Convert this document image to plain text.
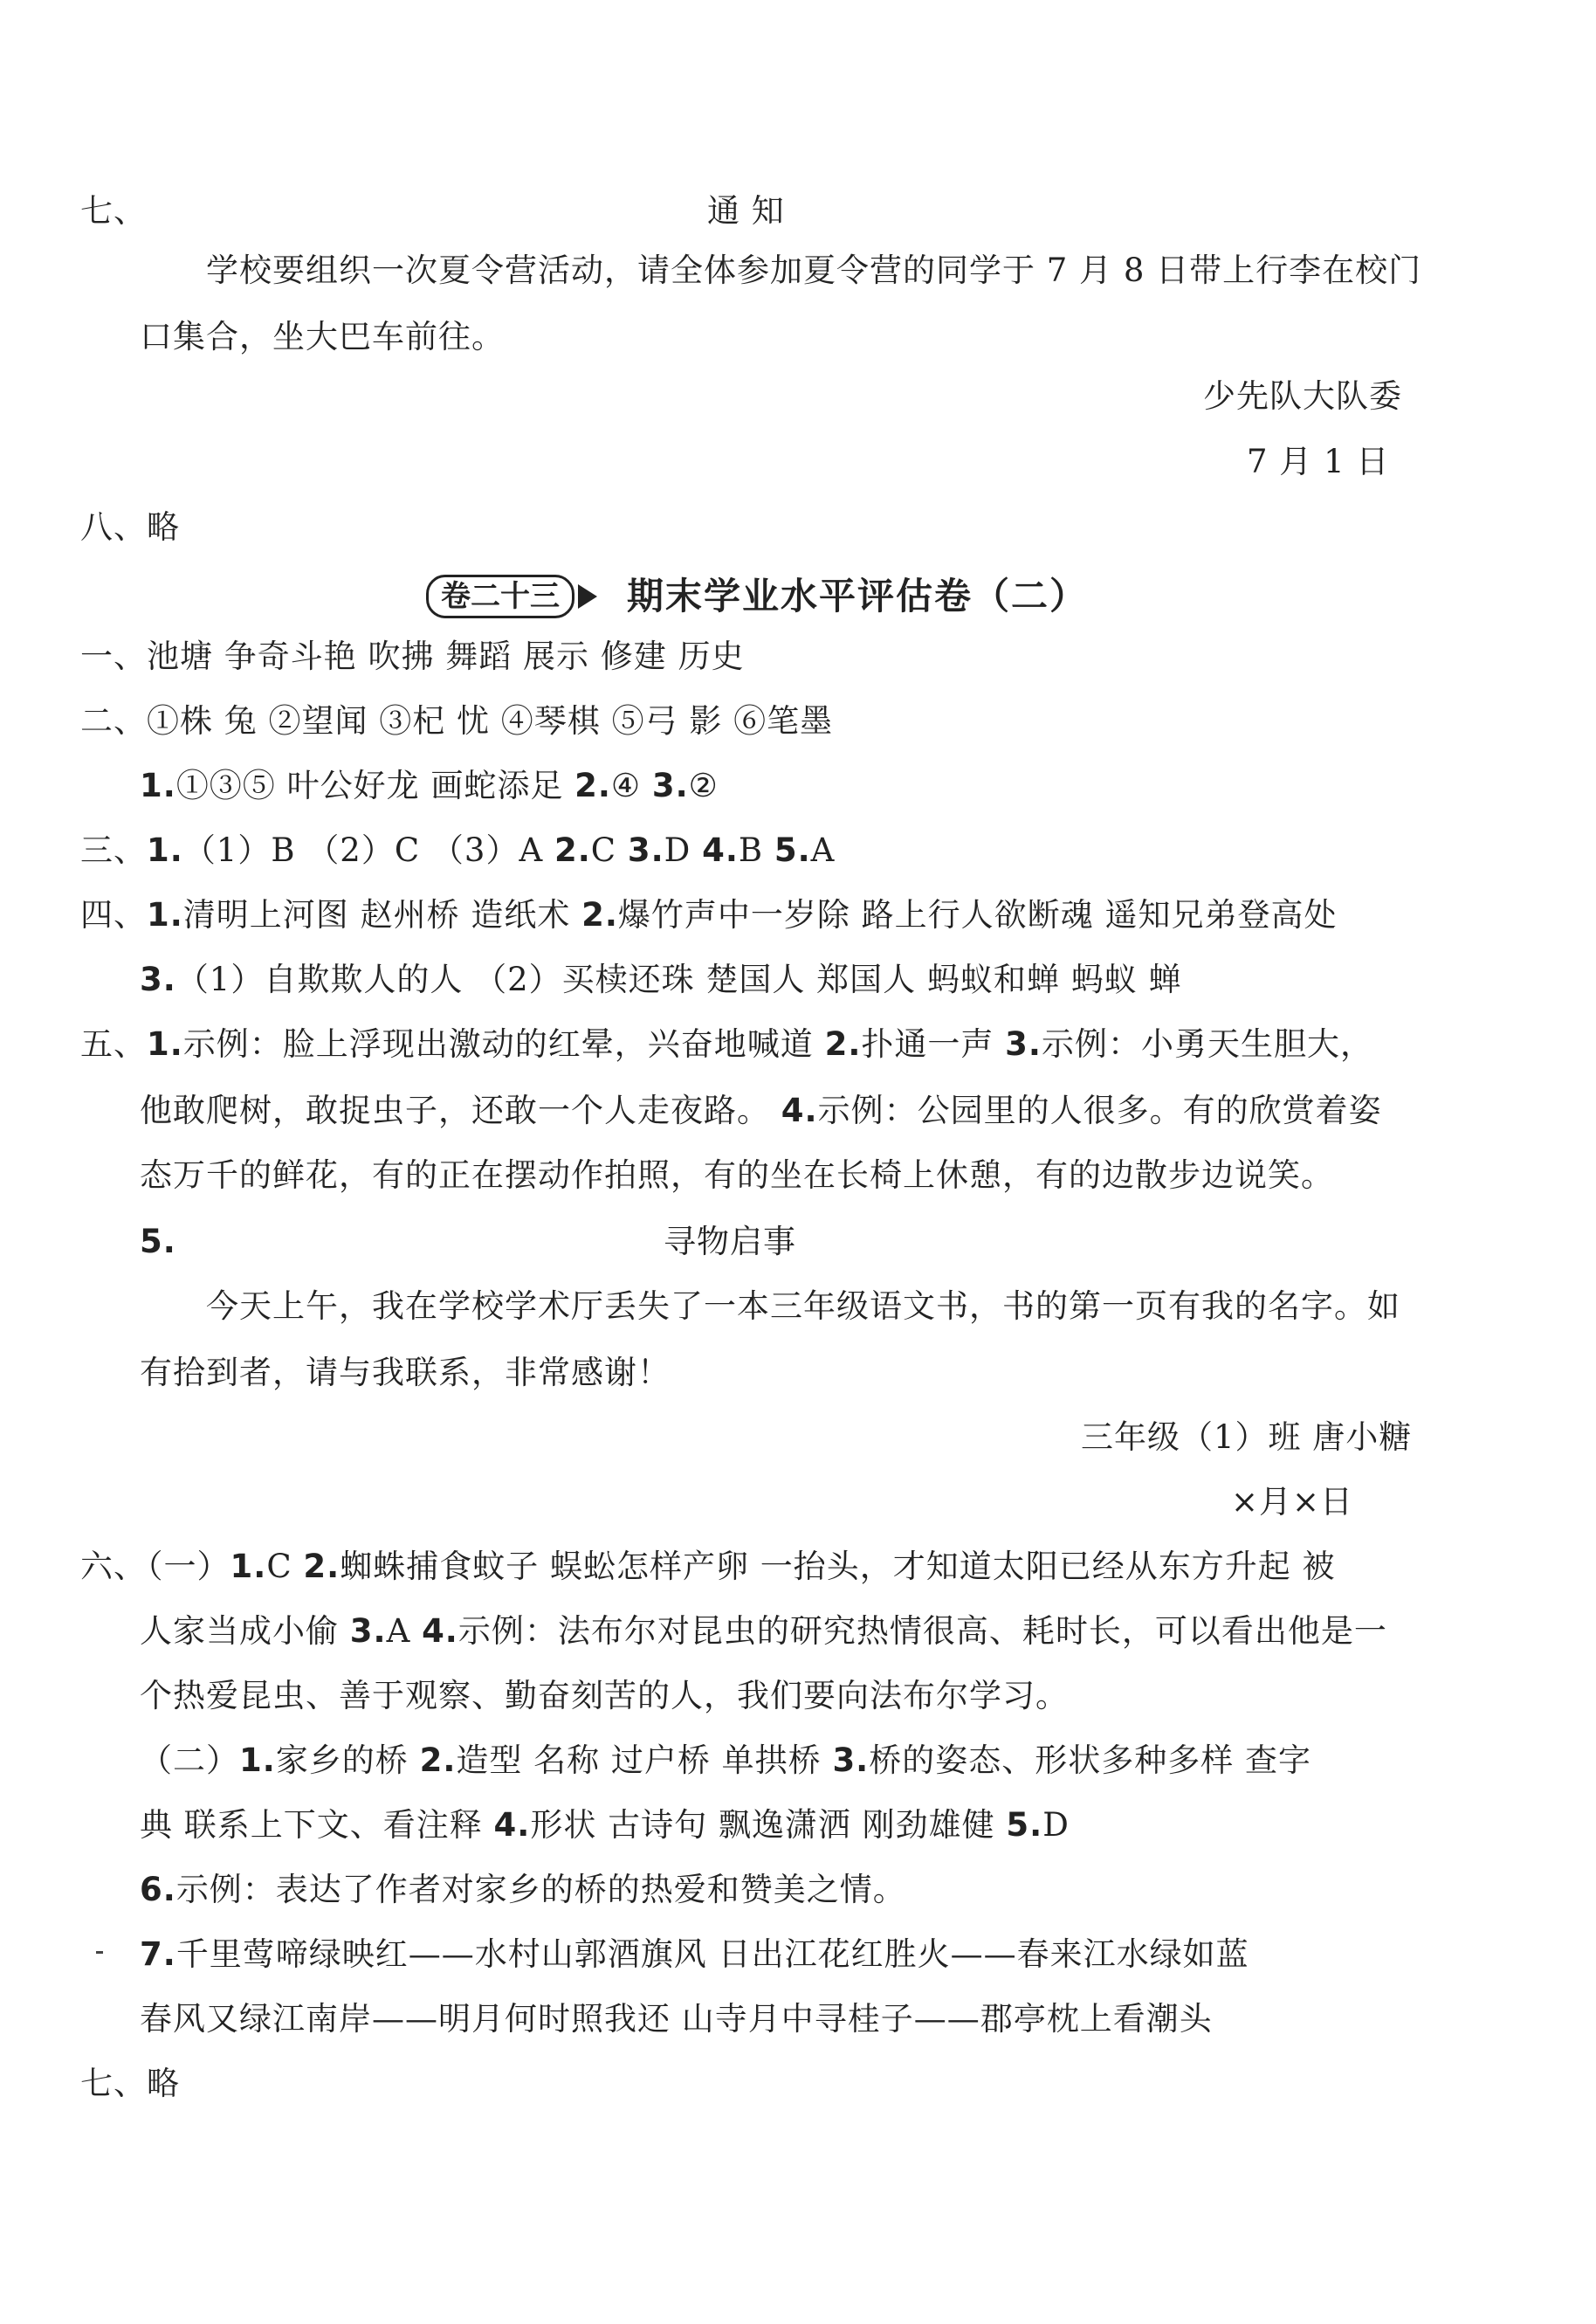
七、	通 知
学校要组织一次夏令营活动，请全体参加夏令营的同学于 7 月 8 日带上行李在校门
口集合，坐大巴车前往。
少先队大队委
7 月 1 日
八、略
卷二十三	期末学业水平评估卷（二）
一、池塘 争奇斗艳 吹拂 舞蹈 展示 修建 历史
二、①株 兔 ②望闻 ③杞 忧 ④琴棋 ⑤弓 影 ⑥笔墨
1.①③⑤ 叶公好龙 画蛇添足 2.④ 3.②
三、1.（1）B （2）C （3）A 2.C 3.D 4.B 5.A
四、1.清明上河图 赵州桥 造纸术 2.爆竹声中一岁除 路上行人欲断魂 遥知兄弟登高处
3.（1）自欺欺人的人 （2）买椟还珠 楚国人 郑国人 蚂蚁和蝉 蚂蚁 蝉
五、1.示例：脸上浮现出激动的红晕，兴奋地喊道 2.扑通一声 3.示例：小勇天生胆大，
他敢爬树，敢捉虫子，还敢一个人走夜路。 4.示例：公园里的人很多。有的欣赏着姿
态万千的鲜花，有的正在摆动作拍照，有的坐在长椅上休憩，有的边散步边说笑。
5.	寻物启事
今天上午，我在学校学术厅丢失了一本三年级语文书，书的第一页有我的名字。如
有拾到者，请与我联系，非常感谢！
三年级（1）班 唐小糖
×月×日
六、（一）1.C 2.蜘蛛捕食蚊子 蜈蚣怎样产卵 一抬头，才知道太阳已经从东方升起 被
人家当成小偷 3.A 4.示例：法布尔对昆虫的研究热情很高、耗时长，可以看出他是一
个热爱昆虫、善于观察、勤奋刻苦的人，我们要向法布尔学习。
（二）1.家乡的桥 2.造型 名称 过户桥 单拱桥 3.桥的姿态、形状多种多样 查字
典 联系上下文、看注释 4.形状 古诗句 飘逸潇洒 刚劲雄健 5.D
6.示例：表达了作者对家乡的桥的热爱和赞美之情。
7.千里莺啼绿映红——水村山郭酒旗风 日出江花红胜火——春来江水绿如蓝
春风又绿江南岸——明月何时照我还 山寺月中寻桂子——郡亭枕上看潮头
七、略
